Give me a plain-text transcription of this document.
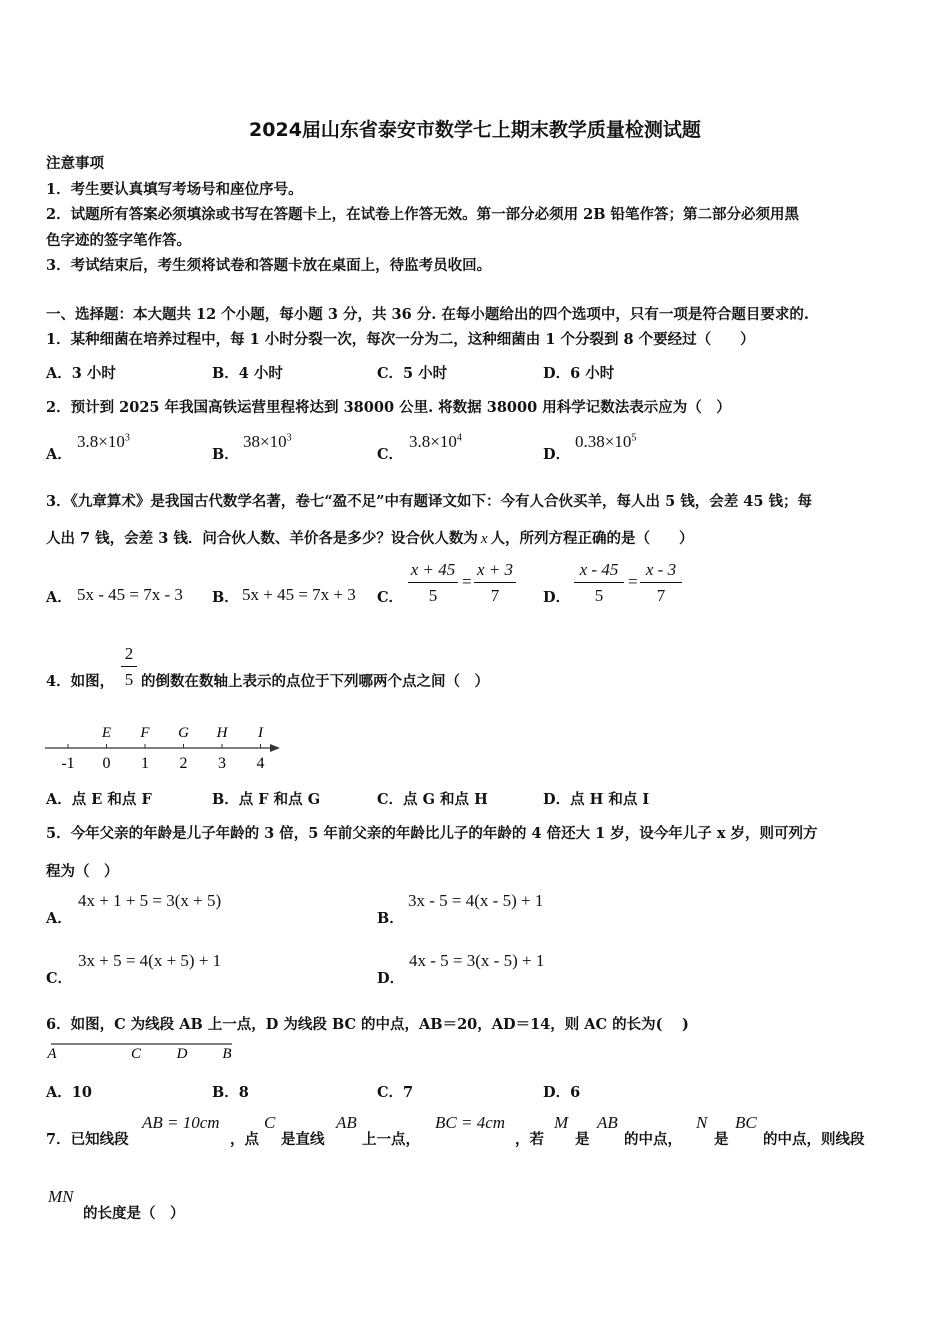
2024届山东省泰安市数学七上期末教学质量检测试题
注意事项
1．考生要认真填写考场号和座位序号。
2．试题所有答案必须填涂或书写在答题卡上，在试卷上作答无效。第一部分必须用 2B 铅笔作答；第二部分必须用黑
色字迹的签字笔作答。
3．考试结束后，考生须将试卷和答题卡放在桌面上，待监考员收回。
一、选择题：本大题共 12 个小题，每小题 3 分，共 36 分. 在每小题给出的四个选项中，只有一项是符合题目要求的.
1．某种细菌在培养过程中，每 1 小时分裂一次，每次一分为二，这种细菌由 1 个分裂到 8 个要经过（　　）
A．3 小时	B．4 小时	C．5 小时	D．6 小时
2．预计到 2025 年我国高铁运营里程将达到 38000 公里. 将数据 38000 用科学记数法表示应为（　）
A．
$3.8\times 10^3$
B．
$38\times 10^3$
C．
$3.8\times 10^4$
D．
$0.38\times 10^5$
3．《九章算术》是我国古代数学名著，卷七“盈不足”中有题译文如下：今有人合伙买羊，每人出 5 钱，会差 45 钱；每
人出 7 钱，会差 3 钱．问合伙人数、羊价各是多少？设合伙人数为 x 人，所列方程正确的是（　　）
A． 5x - 45 = 7x - 3 B． 5x + 45 = 7x + 3 C． $\frac{x + 45}{5} = \frac{x + 3}{7}$ D． $\frac{x - 45}{5} = \frac{x - 3}{7}$
4．如图， $\frac{2}{5}$ 的倒数在数轴上表示的点位于下列哪两个点之间（　）
-1 0 1 2 3 4
E F G H I
A．点 E 和点 F	B．点 F 和点 G	C．点 G 和点 H	D．点 H 和点 I
5．今年父亲的年龄是儿子年龄的 3 倍，5 年前父亲的年龄比儿子的年龄的 4 倍还大 1 岁，设今年儿子 x 岁，则可列方
程为（　）
A．
4x + 1 + 5 = 3(x + 5)
B．
3x - 5 = 4(x - 5) + 1
C．
3x + 5 = 4(x + 5) + 1
D．
4x - 5 = 3(x - 5) + 1
6．如图，C 为线段 AB 上一点，D 为线段 BC 的中点，AB＝20，AD＝14，则 AC 的长为(　 )
A	C D B
A．10	B．8	C．7	D．6
7．已知线段
AB = 10cm
，点
C
是直线
AB
上一点，
BC = 4cm
，若
M
是
AB
的中点，
N
是
BC
的中点，则线段
MN
的长度是（　）
